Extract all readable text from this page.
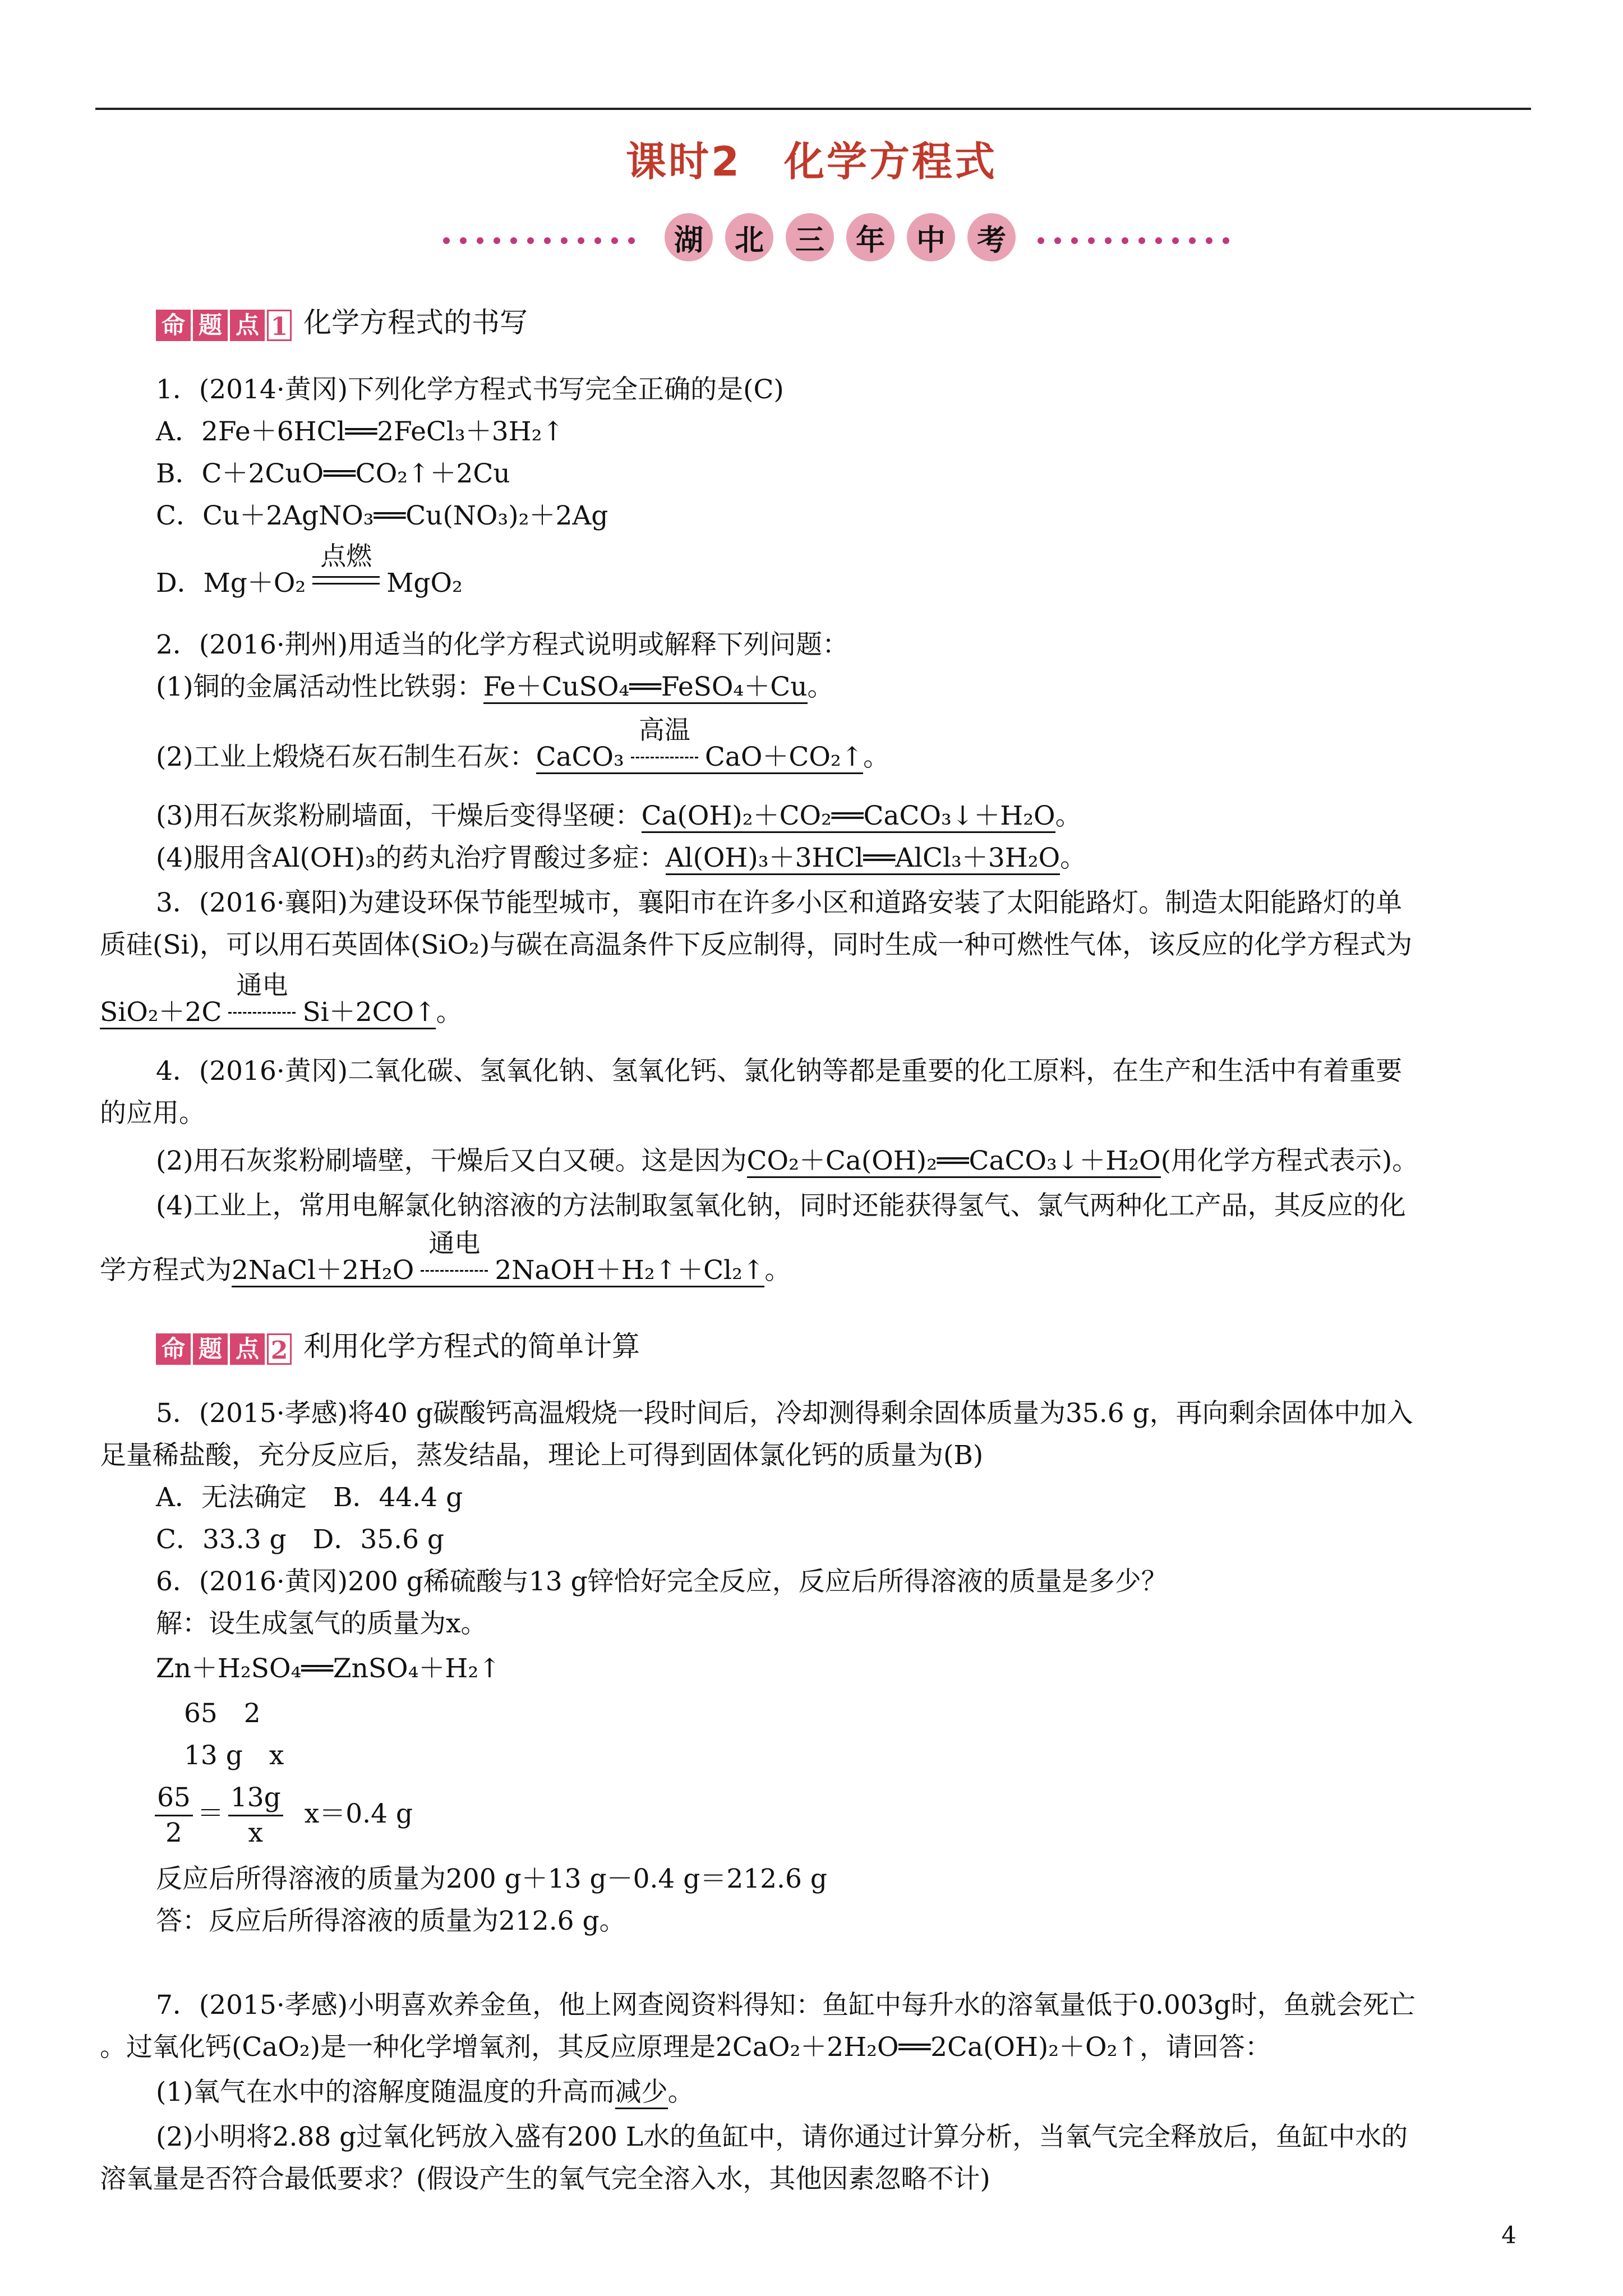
课时2　化学方程式
湖	北	三	年	中	考
命 题 点 1 化学方程式的书写
1．(2014·黄冈)下列化学方程式书写完全正确的是(C)
A．2Fe＋6HCl══2FeCl₃＋3H₂↑
B．C＋2CuO══CO₂↑＋2Cu
C．Cu＋2AgNO₃══Cu(NO₃)₂＋2Ag
D．Mg＋O₂
点燃
MgO₂
2．(2016·荆州)用适当的化学方程式说明或解释下列问题：
(1)铜的金属活动性比铁弱：Fe＋CuSO₄══FeSO₄＋Cu。
(2)工业上煅烧石灰石制生石灰：CaCO₃
高温
CaO＋CO₂↑。
(3)用石灰浆粉刷墙面，干燥后变得坚硬：Ca(OH)₂＋CO₂══CaCO₃↓＋H₂O。
(4)服用含Al(OH)₃的药丸治疗胃酸过多症：Al(OH)₃＋3HCl══AlCl₃＋3H₂O。
3．(2016·襄阳)为建设环保节能型城市，襄阳市在许多小区和道路安装了太阳能路灯。制造太阳能路灯的单
质硅(Si)，可以用石英固体(SiO₂)与碳在高温条件下反应制得，同时生成一种可燃性气体，该反应的化学方程式为
SiO₂＋2C
通电
Si＋2CO↑。
4．(2016·黄冈)二氧化碳、氢氧化钠、氢氧化钙、氯化钠等都是重要的化工原料，在生产和生活中有着重要
的应用。
(2)用石灰浆粉刷墙壁，干燥后又白又硬。这是因为CO₂＋Ca(OH)₂══CaCO₃↓＋H₂O(用化学方程式表示)。
(4)工业上，常用电解氯化钠溶液的方法制取氢氧化钠，同时还能获得氢气、氯气两种化工产品，其反应的化
学方程式为2NaCl＋2H₂O
通电
2NaOH＋H₂↑＋Cl₂↑。
命 题 点 2 利用化学方程式的简单计算
5．(2015·孝感)将40 g碳酸钙高温煅烧一段时间后，冷却测得剩余固体质量为35.6 g，再向剩余固体中加入
足量稀盐酸，充分反应后，蒸发结晶，理论上可得到固体氯化钙的质量为(B)
A．无法确定　B．44.4 g
C．33.3 g　D．35.6 g
6．(2016·黄冈)200 g稀硫酸与13 g锌恰好完全反应，反应后所得溶液的质量是多少？
解：设生成氢气的质量为x。
Zn＋H₂SO₄══ZnSO₄＋H₂↑
65　2
13 g　x
$\frac{65}{2} = \frac{13g}{x} x=0.4$ g
反应后所得溶液的质量为200 g＋13 g－0.4 g＝212.6 g
答：反应后所得溶液的质量为212.6 g。
7．(2015·孝感)小明喜欢养金鱼，他上网查阅资料得知：鱼缸中每升水的溶氧量低于0.003g时，鱼就会死亡
。过氧化钙(CaO₂)是一种化学增氧剂，其反应原理是2CaO₂＋2H₂O══2Ca(OH)₂＋O₂↑，请回答：
(1)氧气在水中的溶解度随温度的升高而减少。
(2)小明将2.88 g过氧化钙放入盛有200 L水的鱼缸中，请你通过计算分析，当氧气完全释放后，鱼缸中水的
溶氧量是否符合最低要求？(假设产生的氧气完全溶入水，其他因素忽略不计)
4
